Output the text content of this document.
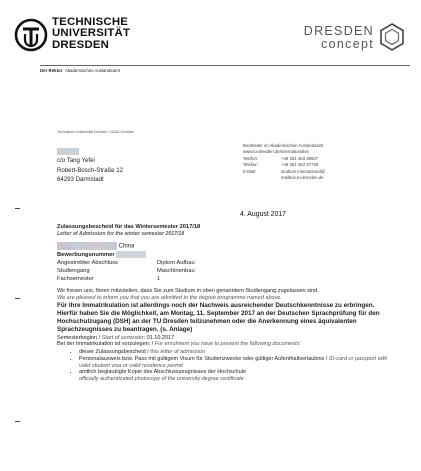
TECHNISCHE
UNIVERSITÄT
DRESDEN
DRESDEN
concept
Der Rektor Akademisches Auslandsamt
Technische Universität Dresden, 01062 Dresden
c/o Tang Yefei
Robert-Bosch-Straße 12
64293 Darmstadt
Bearbeiter im Akademischen Auslandsamt
www.tu-dresden.de/internationales
Telefon:	+49 351 463 39607
Telefax:	+49 351 463 37738
E-Mail:	studium.international@
mailbox.tu-dresden.de
4. August 2017

Zulassungsbescheid für das Wintersemester 2017/18

Letter of Admission for the winter semester 2017/18

China
Bewerbungsnummer

Angestrebter Abschluss	Diplom Aufbau
Studiengang	Maschinenbau
Fachsemester	1

Wir freuen uns, Ihnen mitzuteilen, dass Sie zum Studium in oben genanntem Studiengang zugelassen sind.

We are pleased to inform you that you are admitted to the degree programme named above.

Für Ihre Immatrikulation ist allerdings noch der Nachweis ausreichender Deutschkenntnisse zu erbringen. Hierfür haben Sie die Möglichkeit, am Montag, 11. September 2017 an der Deutschen Sprachprüfung für den Hochschulzugang (DSH) an der TU Dresden teilzunehmen oder die Anerkennung eines äquivalenten Sprachzeugnisses zu beantragen. (s. Anlage)

Semesterbeginn / Start of semester: 01.10.2017

Bei der Immatrikulation ist vorzulegen: / For enrolment you have to present the following documents:

• dieser Zulassungsbescheid / this letter of admission
• Personalausweis bzw. Pass mit gültigem Visum für Studienzwecke oder gültiger Aufenthaltserlaubnis / ID-card or passport with valid student visa or valid residence permit
• amtlich beglaubigte Kopie des Abschlusszeugnisses der Hochschule
officially authenticated photocopy of the university degree certificate
